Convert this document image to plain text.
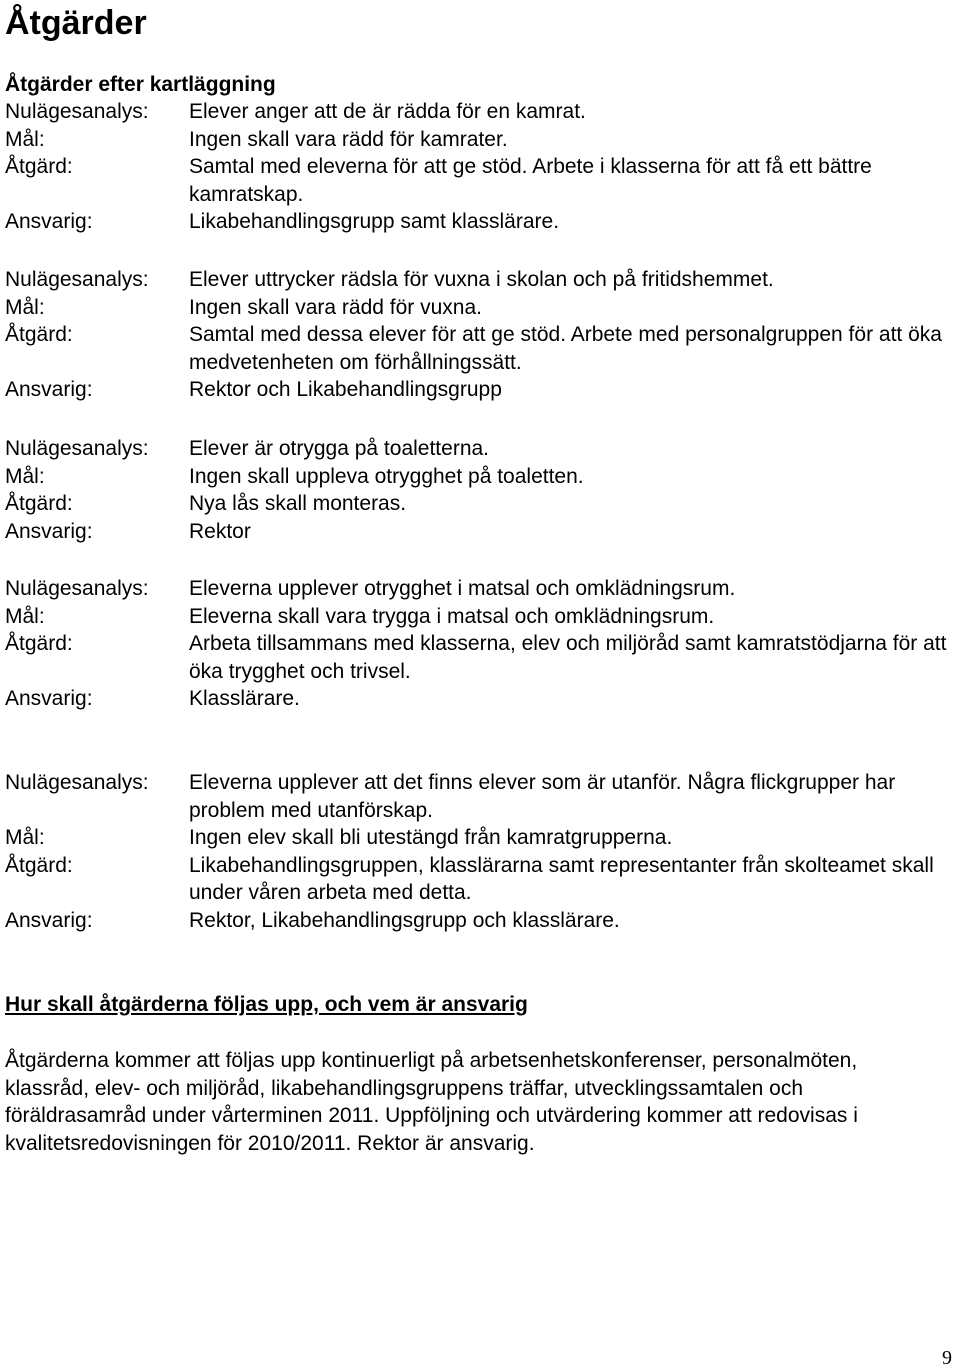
Åtgärder
Åtgärder efter kartläggning
Nulägesanalys:	Elever anger att de är rädda för en kamrat.
Mål:	Ingen skall vara rädd för kamrater.
Åtgärd:	Samtal med eleverna för att ge stöd. Arbete i klasserna för att få ett bättre kamratskap.
Ansvarig:	Likabehandlingsgrupp samt klasslärare.
Nulägesanalys:	Elever uttrycker rädsla för vuxna i skolan och på fritidshemmet.
Mål:	Ingen skall vara rädd för vuxna.
Åtgärd:	Samtal med dessa elever för att ge stöd. Arbete med personalgruppen för att öka medvetenheten om förhållningssätt.
Ansvarig:	Rektor och Likabehandlingsgrupp
Nulägesanalys:	Elever är otrygga på toaletterna.
Mål:	Ingen skall uppleva otrygghet på toaletten.
Åtgärd:	Nya lås skall monteras.
Ansvarig:	Rektor
Nulägesanalys:	Eleverna upplever otrygghet i matsal och omklädningsrum.
Mål:	Eleverna skall vara trygga i matsal och omklädningsrum.
Åtgärd:	Arbeta tillsammans med klasserna, elev och miljöråd samt kamratstödjarna för att öka trygghet och trivsel.
Ansvarig:	Klasslärare.
Nulägesanalys:	Eleverna upplever att det finns elever som är utanför. Några flickgrupper har problem med utanförskap.
Mål:	Ingen elev skall bli utestängd från kamratgrupperna.
Åtgärd:	Likabehandlingsgruppen, klasslärarna samt representanter från skolteamet skall under våren arbeta med detta.
Ansvarig:	Rektor, Likabehandlingsgrupp och klasslärare.
Hur skall åtgärderna följas upp, och vem är ansvarig

Åtgärderna kommer att följas upp kontinuerligt på arbetsenhetskonferenser, personalmöten, klassråd, elev- och miljöråd, likabehandlingsgruppens träffar, utvecklingssamtalen och föräldrasamråd under vårterminen 2011. Uppföljning och utvärdering kommer att redovisas i kvalitetsredovisningen för 2010/2011. Rektor är ansvarig.

9
